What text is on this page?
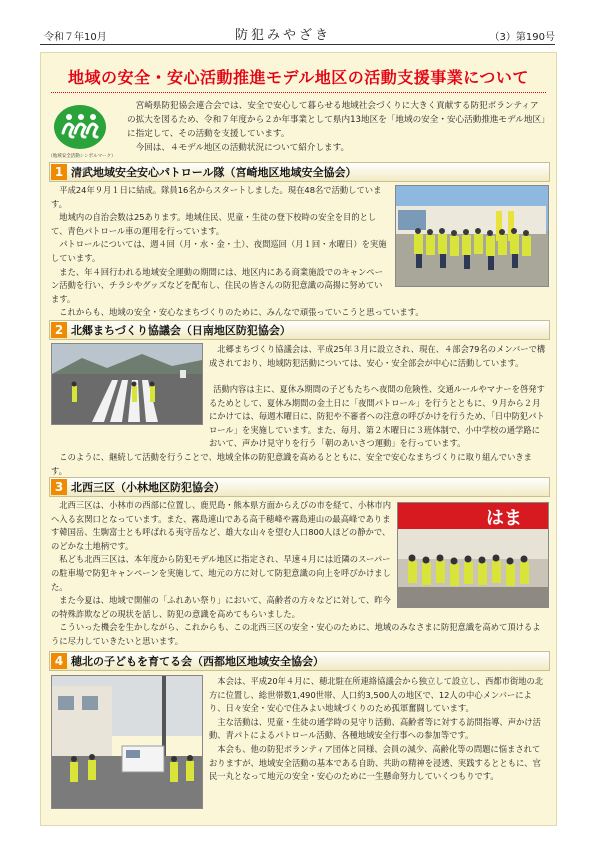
令和７年10月	防犯みやざき	（3）第190号
地域の安全・安心活動推進モデル地区の活動支援事業について
（地域安全活動シンボルマーク）

宮崎県防犯協会連合会では、安全で安心して暮らせる地域社会づくりに大きく貢献する防犯ボランティアの拡大を図るため、令和７年度から２か年事業として県内13地区を「地域の安全・安心活動推進モデル地区」に指定して、その活動を支援しています。

今回は、４モデル地区の活動状況について紹介します。

1 清武地域安全安心パトロール隊（宮崎地区地域安全協会）

平成24年９月１日に結成。隊員16名からスタートしました。現在48名で活動しています。

地域内の自治会数は25あります。地域住民、児童・生徒の登下校時の安全を目的として、青色パトロール車の運用を行っています。

パトロールについては、週４回（月・水・金・土）、夜間巡回（月１回・水曜日）を実施しています。

また、年４回行われる地域安全運動の期間には、地区内にある商業施設でのキャンペーン活動を行い、チラシやグッズなどを配布し、住民の皆さんの防犯意識の高揚に努めています。

これからも、地域の安全・安心なまちづくりのために、みんなで頑張っていこうと思っています。

2 北郷まちづくり協議会（日南地区防犯協会）

北郷まちづくり協議会は、平成25年３月に設立され、現在、４部会79名のメンバーで構成されており、地域防犯活動については、安心・安全部会が中心に活動しています。

活動内容は主に、夏休み期間の子どもたちへ夜間の危険性、交通ルールやマナーを啓発するためとして、夏休み期間の金土日に「夜間パトロール」を行うとともに、９月から２月にかけては、毎週木曜日に、防犯や不審者への注意の呼びかけを行うため、「日中防犯パトロール」を実施しています。また、毎月、第２木曜日に３班体制で、小中学校の通学路において、声かけ見守りを行う「朝のあいさつ運動」を行っています。

このように、継続して活動を行うことで、地域全体の防犯意識を高めるとともに、安全で安心なまちづくりに取り組んでいきます。

3 北西三区（小林地区防犯協会）

北西三区は、小林市の西部に位置し、鹿児島・熊本県方面からえびの市を経て、小林市内へ入る玄関口となっています。また、霧島連山である高千穂峰や霧島連山の最高峰であります韓国岳、生駒富士とも呼ばれる夷守岳など、雄大な山々を望む人口800人ほどの静かで、のどかな土地柄です。

私ども北西三区は、本年度から防犯モデル地区に指定され、早速４月には近隣のスーパーの駐車場で防犯キャンペーンを実施して、地元の方に対して防犯意識の向上を呼びかけました。

また今夏は、地域で開催の「ふれあい祭り」において、高齢者の方々などに対して、昨今の特殊詐欺などの現状を話し、防犯の意識を高めてもらいました。

こういった機会を生かしながら、これからも、この北西三区の安全・安心のために、地域のみなさまに防犯意識を高めて頂けるように尽力していきたいと思います。

はま
4 穂北の子どもを育てる会（西都地区地域安全協会）

本会は、平成20年４月に、穂北駐在所連絡協議会から独立して設立し、西都市街地の北方に位置し、総世帯数1,490世帯、人口約3,500人の地区で、12人の中心メンバーにより、日々安全・安心で住みよい地域づくりのため孤軍奮闘しています。

主な活動は、児童・生徒の通学時の見守り活動、高齢者等に対する訪問指導、声かけ活動、青パトによるパトロール活動、各種地域安全行事への参加等です。

本会も、他の防犯ボランティア団体と同様、会員の減少、高齢化等の問題に悩まされておりますが、地域安全活動の基本である自助、共助の精神を浸透、実践するとともに、官民一丸となって地元の安全・安心のために一生懸命努力していくつもりです。
